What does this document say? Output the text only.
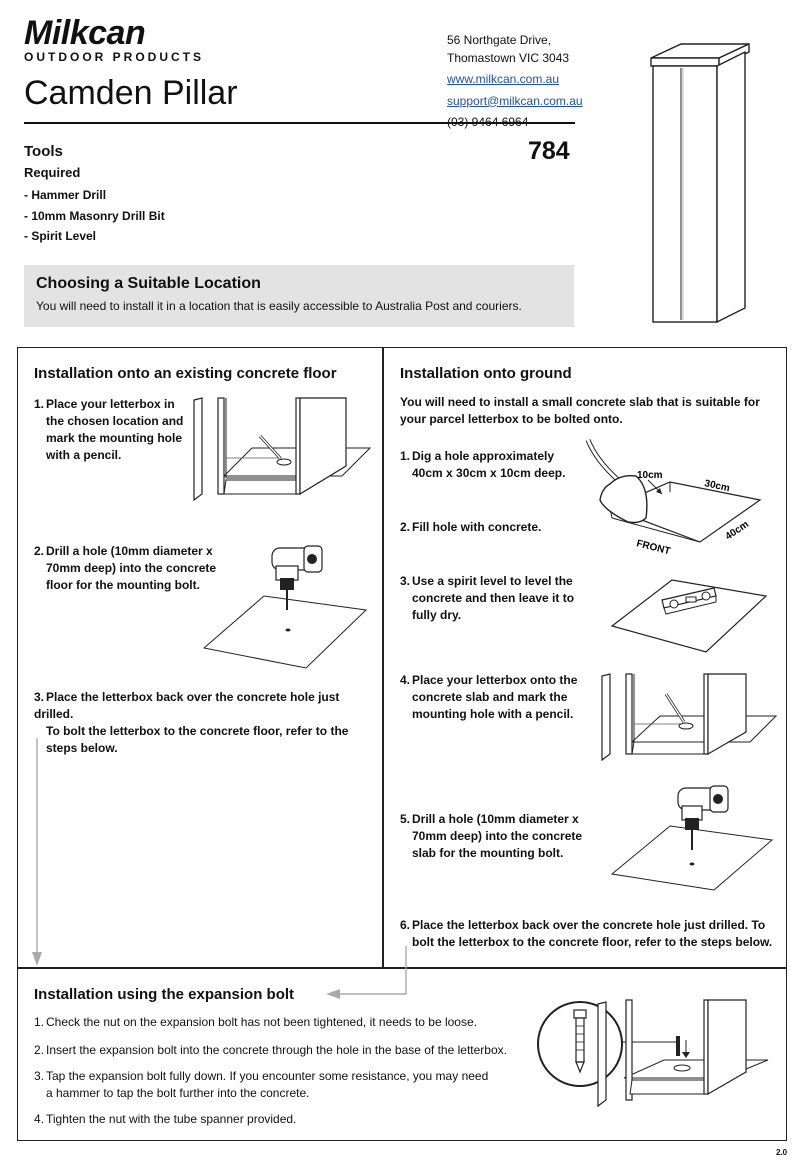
Milkcan
OUTDOOR PRODUCTS
Camden Pillar
56 Northgate Drive,
Thomastown VIC 3043
www.milkcan.com.au
support@milkcan.com.au
Tools	784
Required
- Hammer Drill
- 10mm Masonry Drill Bit
- Spirit Level
Choosing a Suitable Location
You will need to install it in a location that is easily accessible to Australia Post and couriers.
Installation onto an existing concrete floor
1. Place your letterbox in
the chosen location and
mark the mounting hole
with a pencil.
2. Drill a hole (10mm diameter x
70mm deep) into the concrete
floor for the mounting bolt.
3. Place the letterbox back over the concrete hole just drilled.
To bolt the letterbox to the concrete floor, refer to the
steps below.
Installation onto ground
You will need to install a small concrete slab that is suitable for your parcel letterbox to be bolted onto.
1. Dig a hole approximately
40cm x 30cm x 10cm deep.
2. Fill hole with concrete.
10cm
30cm
40cm
FRONT
3. Use a spirit level to level the
concrete and then leave it to
fully dry.
4. Place your letterbox onto the
concrete slab and mark the
mounting hole with a pencil.
5. Drill a hole (10mm diameter x
70mm deep) into the concrete
slab for the mounting bolt.
6. Place the letterbox back over the concrete hole just drilled. To
bolt the letterbox to the concrete floor, refer to the steps below.
Installation using the expansion bolt
1. Check the nut on the expansion bolt has not been tightened, it needs to be loose.
2. Insert the expansion bolt into the concrete through the hole in the base of the letterbox.
3. Tap the expansion bolt fully down. If you encounter some resistance, you may need
a hammer to tap the bolt further into the concrete.
4. Tighten the nut with the tube spanner provided.
2.0
